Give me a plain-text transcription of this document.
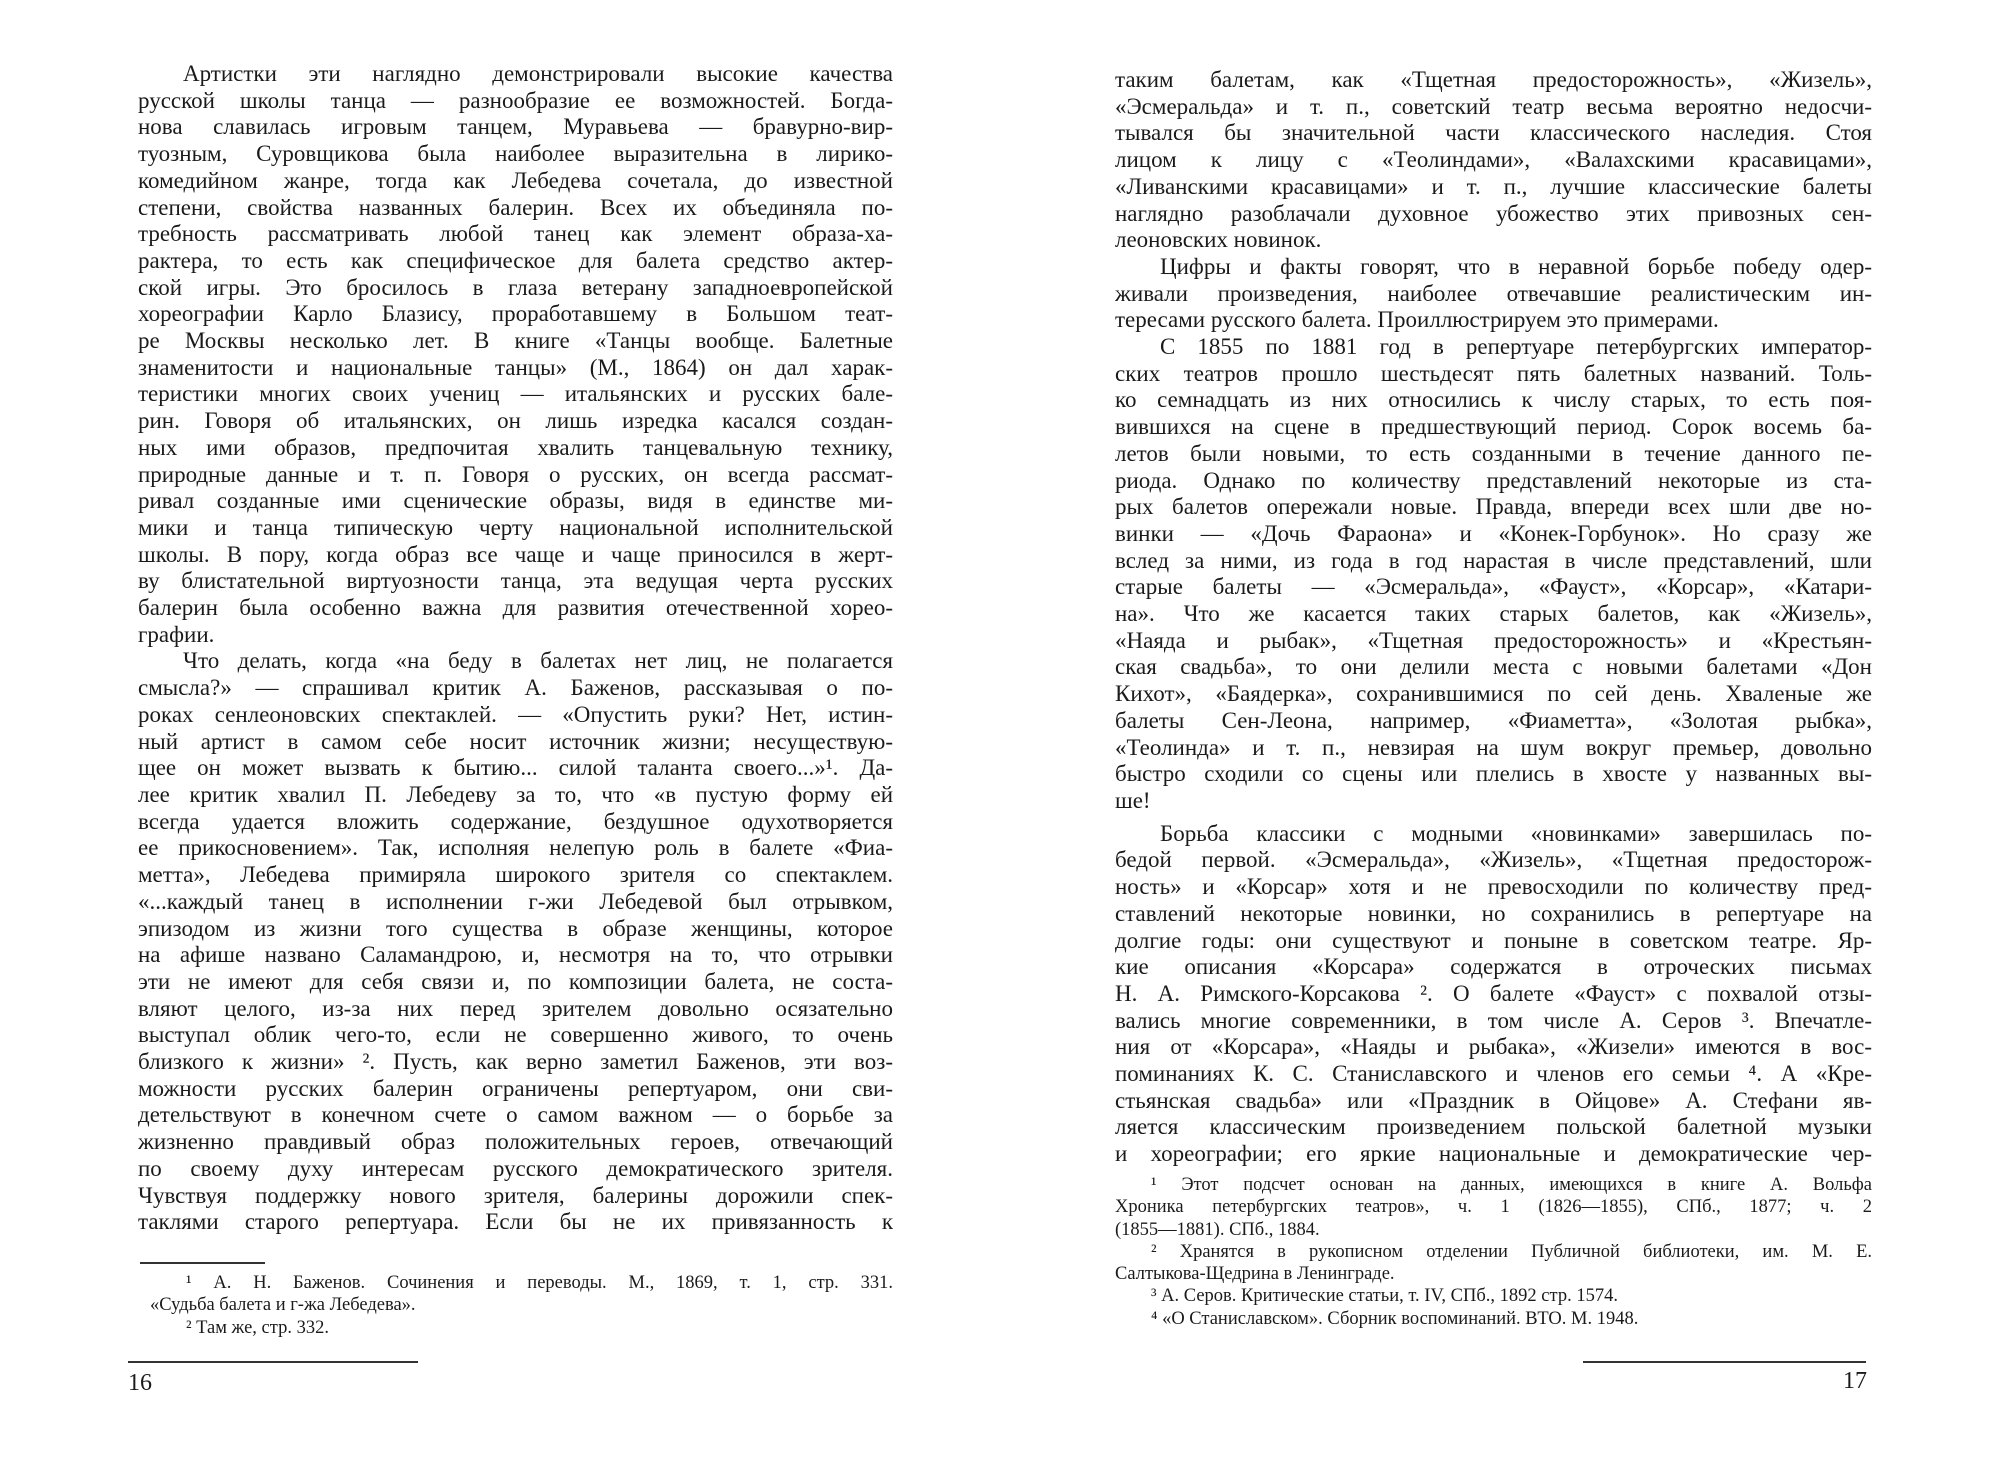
Артистки эти наглядно демонстрировали высокие качества
русской школы танца — разнообразие ее возможностей. Богда-
нова славилась игровым танцем, Муравьева — бравурно-вир-
туозным, Суровщикова была наиболее выразительна в лирико-
комедийном жанре, тогда как Лебедева сочетала, до известной
степени, свойства названных балерин. Всех их объединяла по-
требность рассматривать любой танец как элемент образа-ха-
рактера, то есть как специфическое для балета средство актер-
ской игры. Это бросилось в глаза ветерану западноевропейской
хореографии Карло Блазису, проработавшему в Большом теат-
ре Москвы несколько лет. В книге «Танцы вообще. Балетные
знаменитости и национальные танцы» (М., 1864) он дал харак-
теристики многих своих учениц — итальянских и русских бале-
рин. Говоря об итальянских, он лишь изредка касался создан-
ных ими образов, предпочитая хвалить танцевальную технику,
природные данные и т. п. Говоря о русских, он всегда рассмат-
ривал созданные ими сценические образы, видя в единстве ми-
мики и танца типическую черту национальной исполнительской
школы. В пору, когда образ все чаще и чаще приносился в жерт-
ву блистательной виртуозности танца, эта ведущая черта русских
балерин была особенно важна для развития отечественной хорео-
графии.
Что делать, когда «на беду в балетах нет лиц, не полагается
смысла?» — спрашивал критик А. Баженов, рассказывая о по-
роках сенлеоновских спектаклей. — «Опустить руки? Нет, истин-
ный артист в самом себе носит источник жизни; несуществую-
щее он может вызвать к бытию... силой таланта своего...»¹. Да-
лее критик хвалил П. Лебедеву за то, что «в пустую форму ей
всегда удается вложить содержание, бездушное одухотворяется
ее прикосновением». Так, исполняя нелепую роль в балете «Фиа-
метта», Лебедева примиряла широкого зрителя со спектаклем.
«...каждый танец в исполнении г-жи Лебедевой был отрывком,
эпизодом из жизни того существа в образе женщины, которое
на афише названо Саламандрою, и, несмотря на то, что отрывки
эти не имеют для себя связи и, по композиции балета, не соста-
вляют целого, из-за них перед зрителем довольно осязательно
выступал облик чего-то, если не совершенно живого, то очень
близкого к жизни» ². Пусть, как верно заметил Баженов, эти воз-
можности русских балерин ограничены репертуаром, они сви-
детельствуют в конечном счете о самом важном — о борьбе за
жизненно правдивый образ положительных героев, отвечающий
по своему духу интересам русского демократического зрителя.
Чувствуя поддержку нового зрителя, балерины дорожили спек-
таклями старого репертуара. Если бы не их привязанность к
¹ А. Н. Баженов. Сочинения и переводы. М., 1869, т. 1, стр. 331.
«Судьба балета и г-жа Лебедева».
² Там же, стр. 332.
16
таким балетам, как «Тщетная предосторожность», «Жизель»,
«Эсмеральда» и т. п., советский театр весьма вероятно недосчи-
тывался бы значительной части классического наследия. Стоя
лицом к лицу с «Теолиндами», «Валахскими красавицами»,
«Ливанскими красавицами» и т. п., лучшие классические балеты
наглядно разоблачали духовное убожество этих привозных сен-
леоновских новинок.
Цифры и факты говорят, что в неравной борьбе победу одер-
живали произведения, наиболее отвечавшие реалистическим ин-
тересами русского балета. Проиллюстрируем это примерами.
С 1855 по 1881 год в репертуаре петербургских император-
ских театров прошло шестьдесят пять балетных названий. Толь-
ко семнадцать из них относились к числу старых, то есть поя-
вившихся на сцене в предшествующий период. Сорок восемь ба-
летов были новыми, то есть созданными в течение данного пе-
риода. Однако по количеству представлений некоторые из ста-
рых балетов опережали новые. Правда, впереди всех шли две но-
винки — «Дочь Фараона» и «Конек-Горбунок». Но сразу же
вслед за ними, из года в год нарастая в числе представлений, шли
старые балеты — «Эсмеральда», «Фауст», «Корсар», «Катари-
на». Что же касается таких старых балетов, как «Жизель»,
«Наяда и рыбак», «Тщетная предосторожность» и «Крестьян-
ская свадьба», то они делили места с новыми балетами «Дон
Кихот», «Баядерка», сохранившимися по сей день. Хваленые же
балеты Сен-Леона, например, «Фиаметта», «Золотая рыбка»,
«Теолинда» и т. п., невзирая на шум вокруг премьер, довольно
быстро сходили со сцены или плелись в хвосте у названных вы-
ше!
Борьба классики с модными «новинками» завершилась по-
бедой первой. «Эсмеральда», «Жизель», «Тщетная предосторож-
ность» и «Корсар» хотя и не превосходили по количеству пред-
ставлений некоторые новинки, но сохранились в репертуаре на
долгие годы: они существуют и поныне в советском театре. Яр-
кие описания «Корсара» содержатся в отроческих письмах
Н. А. Римского-Корсакова ². О балете «Фауст» с похвалой отзы-
вались многие современники, в том числе А. Серов ³. Впечатле-
ния от «Корсара», «Наяды и рыбака», «Жизели» имеются в вос-
поминаниях К. С. Станиславского и членов его семьи ⁴. А «Кре-
стьянская свадьба» или «Праздник в Ойцове» А. Стефани яв-
ляется классическим произведением польской балетной музыки
и хореографии; его яркие национальные и демократические чер-
¹ Этот подсчет основан на данных, имеющихся в книге А. Вольфа
Хроника петербургских театров», ч. 1 (1826—1855), СПб., 1877; ч. 2
(1855—1881). СПб., 1884.
² Хранятся в рукописном отделении Публичной библиотеки, им. М. Е.
Салтыкова-Щедрина в Ленинграде.
³ А. Серов. Критические статьи, т. IV, СПб., 1892 стр. 1574.
⁴ «О Станиславском». Сборник воспоминаний. ВТО. М. 1948.
17
